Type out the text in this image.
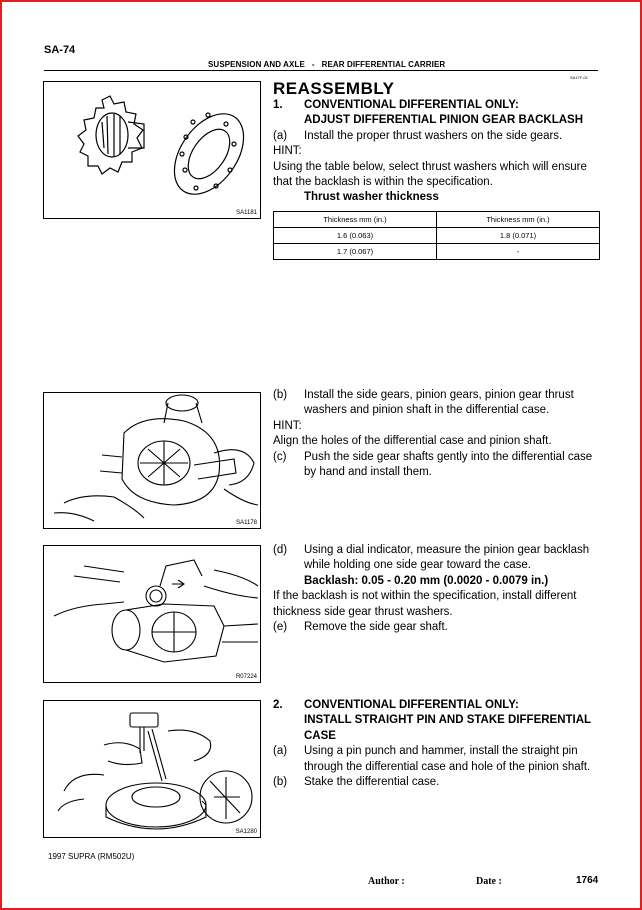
SA-74
SUSPENSION AND AXLE - REAR DIFFERENTIAL CARRIER
SA17F-01
SA1181
SA1178
R07224
SA1280
REASSEMBLY
1.	CONVENTIONAL DIFFERENTIAL ONLY:
ADJUST DIFFERENTIAL PINION GEAR BACKLASH
(a)	Install the proper thrust washers on the side gears.
HINT:
Using the table below, select thrust washers which will ensure that the backlash is within the specification.
Thrust washer thickness
Thickness mm (in.)	Thickness mm (in.)
1.6 (0.063)	1.8 (0.071)
1.7 (0.067)	-
(b)	Install the side gears, pinion gears, pinion gear thrust
washers and pinion shaft in the differential case.
HINT:
Align the holes of the differential case and pinion shaft.
(c)	Push the side gear shafts gently into the differential case
by hand and install them.
(d)	Using a dial indicator, measure the pinion gear backlash
while holding one side gear toward the case.
Backlash: 0.05 - 0.20 mm (0.0020 - 0.0079 in.)
If the backlash is not within the specification, install different thickness side gear thrust washers.
(e)	Remove the side gear shaft.
2.	CONVENTIONAL DIFFERENTIAL ONLY:
INSTALL STRAIGHT PIN AND STAKE DIFFERENTIAL
CASE
(a)	Using a pin punch and hammer, install the straight pin
through the differential case and hole of the pinion shaft.
(b)	Stake the differential case.
1997 SUPRA (RM502U)
Author :	Date :	1764
